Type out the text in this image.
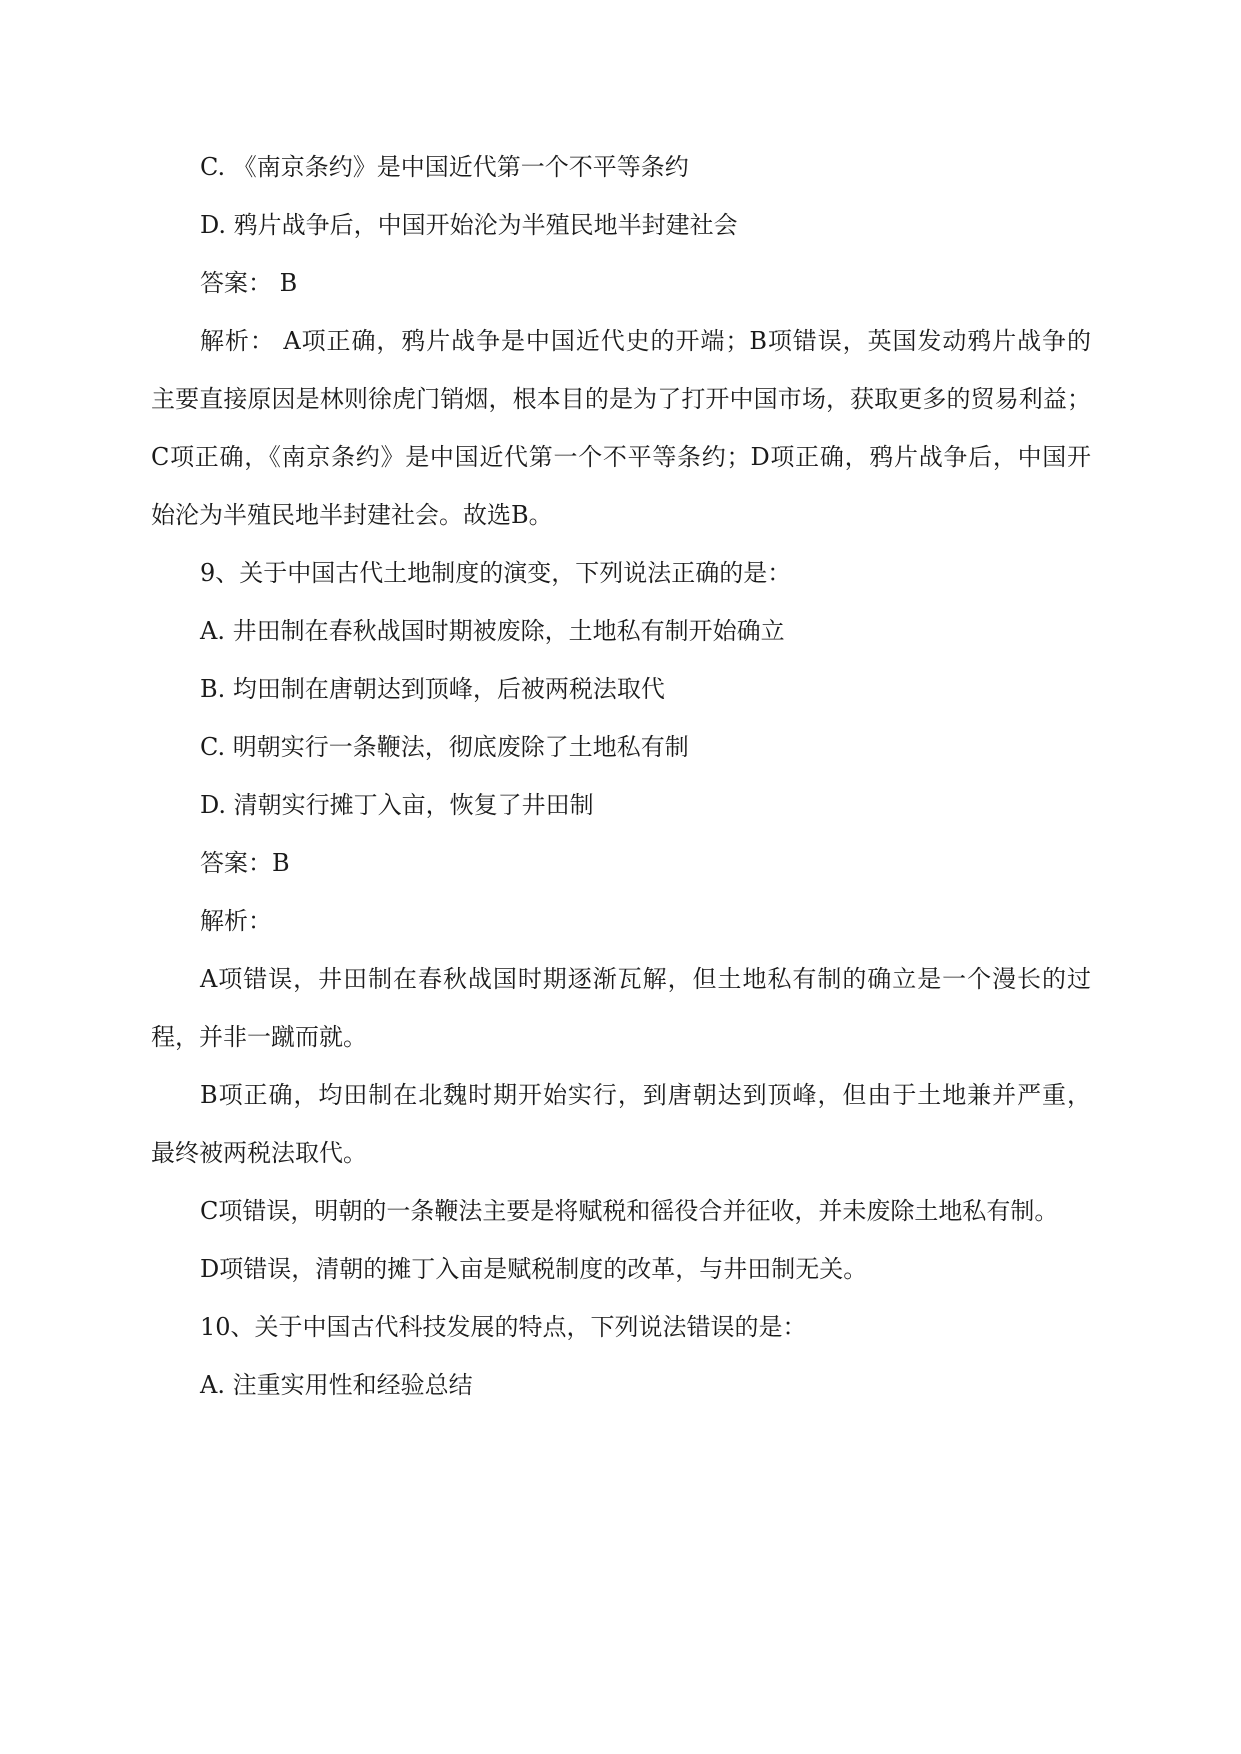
C. 《南京条约》是中国近代第一个不平等条约

D. 鸦片战争后，中国开始沦为半殖民地半封建社会

答案： B

解析： A项正确，鸦片战争是中国近代史的开端；B项错误，英国发动鸦片战争的

主要直接原因是林则徐虎门销烟，根本目的是为了打开中国市场，获取更多的贸易利益；

C项正确，《南京条约》是中国近代第一个不平等条约；D项正确，鸦片战争后，中国开

始沦为半殖民地半封建社会。故选B。

9、关于中国古代土地制度的演变，下列说法正确的是：

A. 井田制在春秋战国时期被废除，土地私有制开始确立

B. 均田制在唐朝达到顶峰，后被两税法取代

C. 明朝实行一条鞭法，彻底废除了土地私有制

D. 清朝实行摊丁入亩，恢复了井田制

答案：B

解析：

A项错误，井田制在春秋战国时期逐渐瓦解，但土地私有制的确立是一个漫长的过

程，并非一蹴而就。

B项正确，均田制在北魏时期开始实行，到唐朝达到顶峰，但由于土地兼并严重，

最终被两税法取代。

C项错误，明朝的一条鞭法主要是将赋税和徭役合并征收，并未废除土地私有制。

D项错误，清朝的摊丁入亩是赋税制度的改革，与井田制无关。

10、关于中国古代科技发展的特点，下列说法错误的是：

A. 注重实用性和经验总结
